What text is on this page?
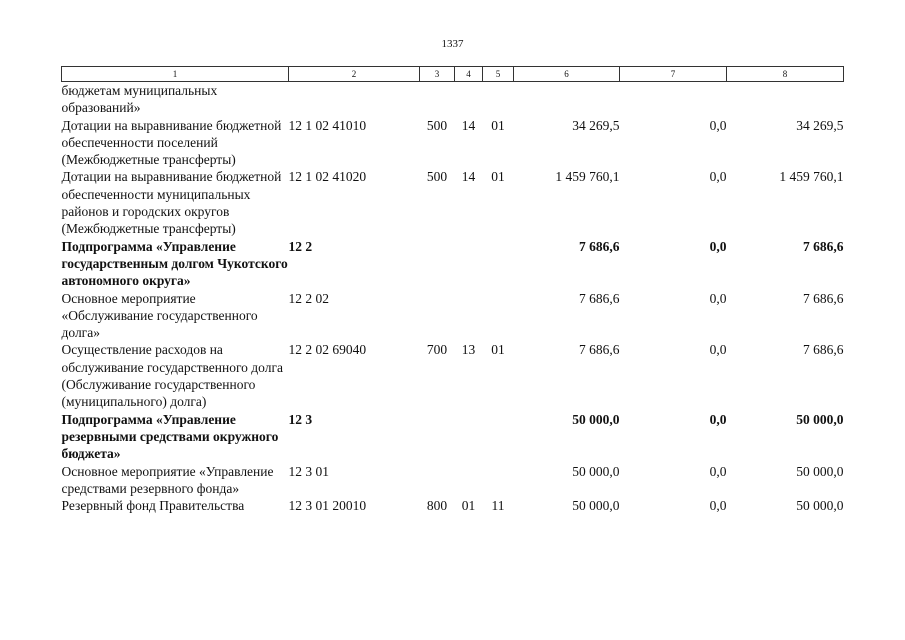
1337
1	2	3	4	5	6	7	8
бюджетам муниципальных образований»							
Дотации на выравнивание бюджетной обеспеченности поселений (Межбюджетные трансферты)	12 1 02 41010	500	14	01	34 269,5	0,0	34 269,5
Дотации на выравнивание бюджетной обеспеченности муниципальных районов и городских округов (Межбюджетные трансферты)	12 1 02 41020	500	14	01	1 459 760,1	0,0	1 459 760,1
Подпрограмма «Управление государственным долгом Чукотского автономного округа»	12 2				7 686,6	0,0	7 686,6
Основное мероприятие «Обслуживание государственного долга»	12 2 02				7 686,6	0,0	7 686,6
Осуществление расходов на обслуживание государственного долга (Обслуживание государственного (муниципального) долга)	12 2 02 69040	700	13	01	7 686,6	0,0	7 686,6
Подпрограмма «Управление резервными средствами окружного бюджета»	12 3				50 000,0	0,0	50 000,0
Основное мероприятие «Управление средствами резервного фонда»	12 3 01				50 000,0	0,0	50 000,0
Резервный фонд Правительства	12 3 01 20010	800	01	11	50 000,0	0,0	50 000,0
